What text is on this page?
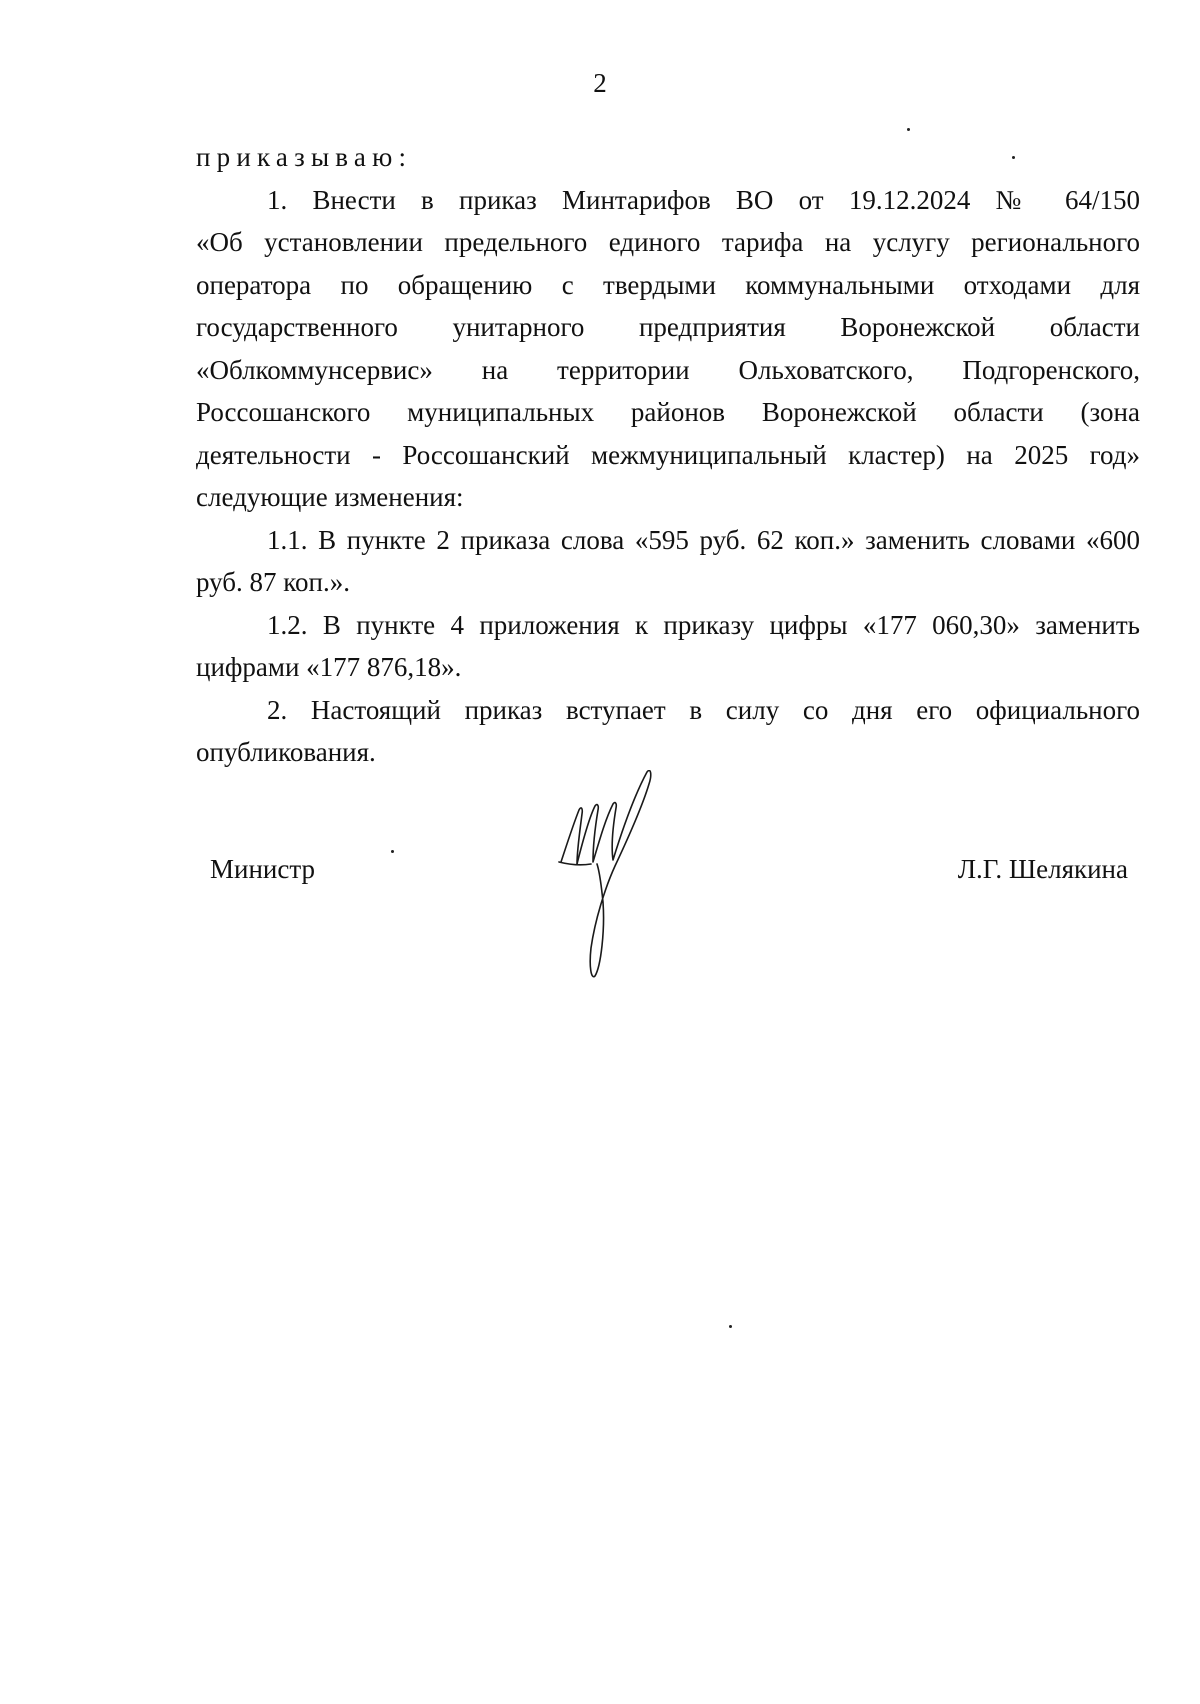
2
приказываю:
1. Внести в приказ Минтарифов ВО от 19.12.2024 № 64/150
«Об установлении предельного единого тарифа на услугу регионального
оператора по обращению с твердыми коммунальными отходами для
государственного унитарного предприятия Воронежской области
«Облкоммунсервис» на территории Ольховатского, Подгоренского,
Россошанского муниципальных районов Воронежской области (зона
деятельности - Россошанский межмуниципальный кластер) на 2025 год»
следующие изменения:
1.1. В пункте 2 приказа слова «595 руб. 62 коп.» заменить словами «600
руб. 87 коп.».
1.2. В пункте 4 приложения к приказу цифры «177 060,30» заменить
цифрами «177 876,18».
2. Настоящий приказ вступает в силу со дня его официального
опубликования.
Министр	Л.Г. Шелякина
